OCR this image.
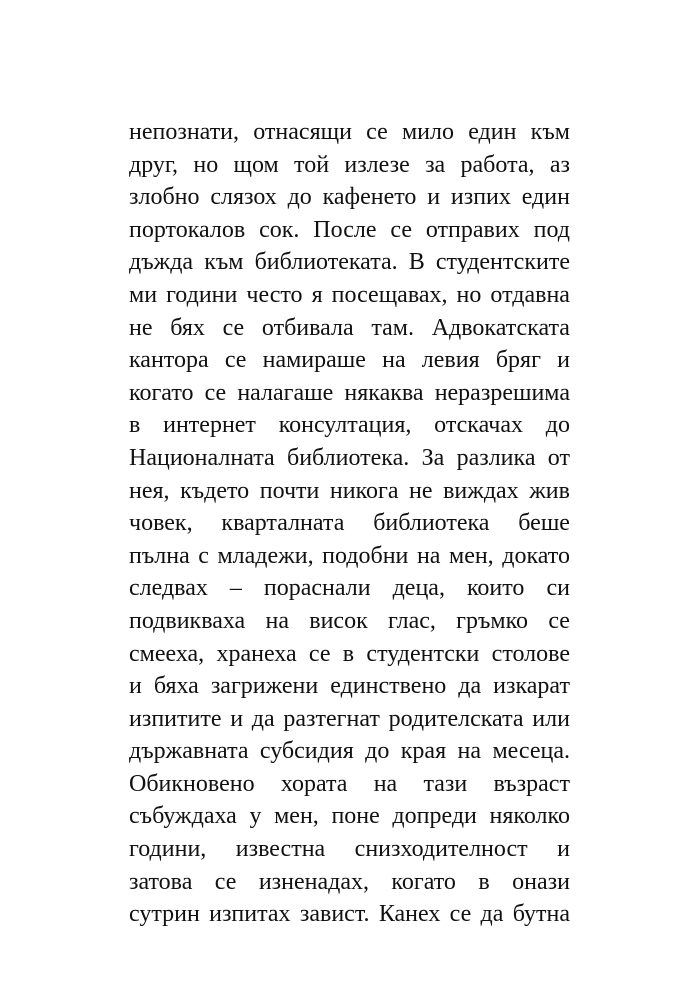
непознати, отнасящи се мило един към
друг, но щом той излезе за работа, аз
злобно слязох до кафенето и изпих един
портокалов сок. После се отправих под
дъжда към библиотеката. В студентските
ми години често я посещавах, но отдавна
не бях се отбивала там. Адвокатската
кантора се намираше на левия бряг и
когато се налагаше някаква неразрешима
в интернет консултация, отскачах до
Националната библиотека. За разлика от
нея, където почти никога не виждах жив
човек, кварталната библиотека беше
пълна с младежи, подобни на мен, докато
следвах – пораснали деца, които си
подвикваха на висок глас, гръмко се
смееха, хранеха се в студентски столове
и бяха загрижени единствено да изкарат
изпитите и да разтегнат родителската или
държавната субсидия до края на месеца.
Обикновено хората на тази възраст
събуждаха у мен, поне допреди няколко
години, известна снизходителност и
затова се изненадах, когато в онази
сутрин изпитах завист. Канех се да бутна
